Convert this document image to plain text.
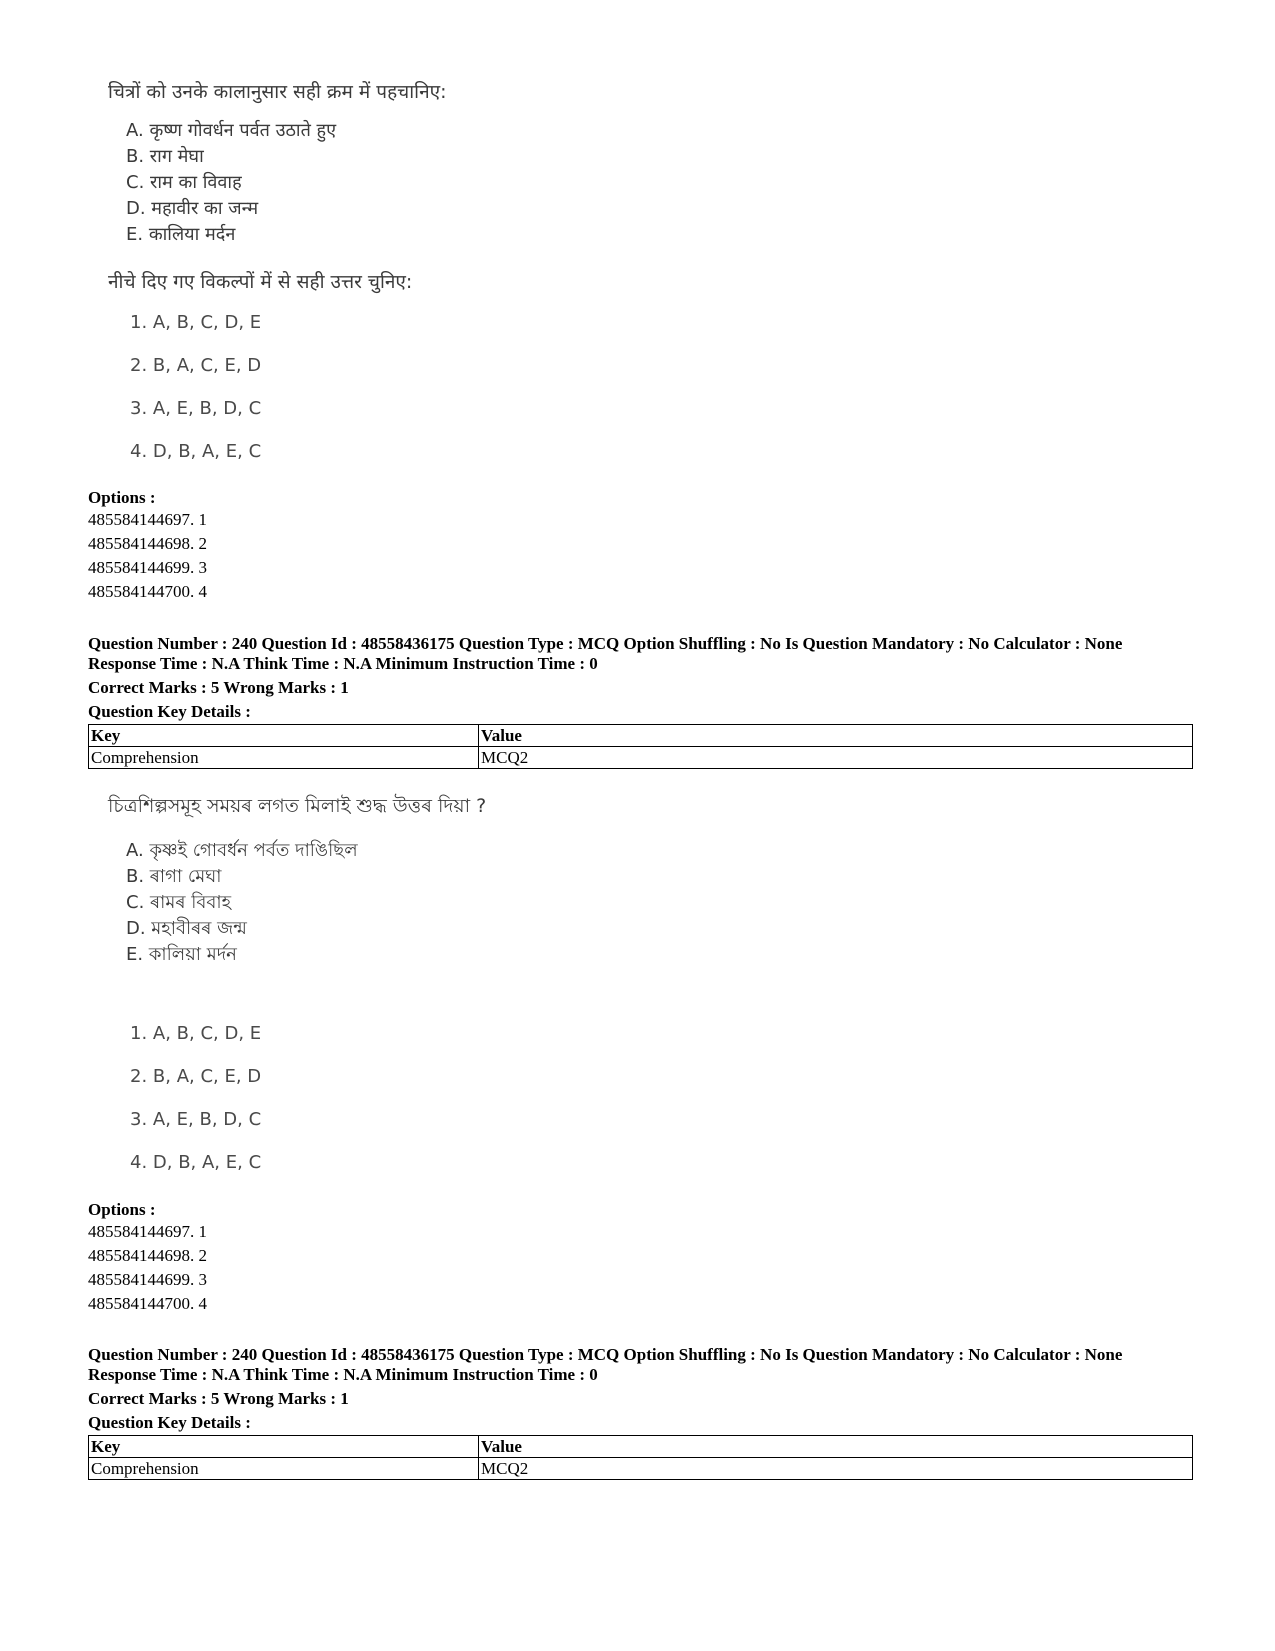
चित्रों को उनके कालानुसार सही क्रम में पहचानिए:
A. कृष्ण गोवर्धन पर्वत उठाते हुए
B. राग मेघा
C. राम का विवाह
D. महावीर का जन्म
E. कालिया मर्दन
नीचे दिए गए विकल्पों में से सही उत्तर चुनिए:
1. A, B, C, D, E
2. B, A, C, E, D
3. A, E, B, D, C
4. D, B, A, E, C
Options :
485584144697. 1
485584144698. 2
485584144699. 3
485584144700. 4
Question Number : 240 Question Id : 48558436175 Question Type : MCQ Option Shuffling : No Is Question Mandatory : No Calculator : None
Response Time : N.A Think Time : N.A Minimum Instruction Time : 0
Correct Marks : 5 Wrong Marks : 1
Question Key Details :
Key	Value
Comprehension	MCQ2
চিত্ৰশিল্পসমূহ সময়ৰ লগত মিলাই শুদ্ধ উত্তৰ দিয়া ?
A. কৃষ্ণই গোবৰ্ধন পৰ্বত দাঙিছিল
B. ৰাগা মেঘা
C. ৰামৰ বিবাহ
D. মহাবীৰৰ জন্ম
E. কালিয়া মৰ্দন
1. A, B, C, D, E
2. B, A, C, E, D
3. A, E, B, D, C
4. D, B, A, E, C
Options :
485584144697. 1
485584144698. 2
485584144699. 3
485584144700. 4
Question Number : 240 Question Id : 48558436175 Question Type : MCQ Option Shuffling : No Is Question Mandatory : No Calculator : None
Response Time : N.A Think Time : N.A Minimum Instruction Time : 0
Correct Marks : 5 Wrong Marks : 1
Question Key Details :
Key	Value
Comprehension	MCQ2
